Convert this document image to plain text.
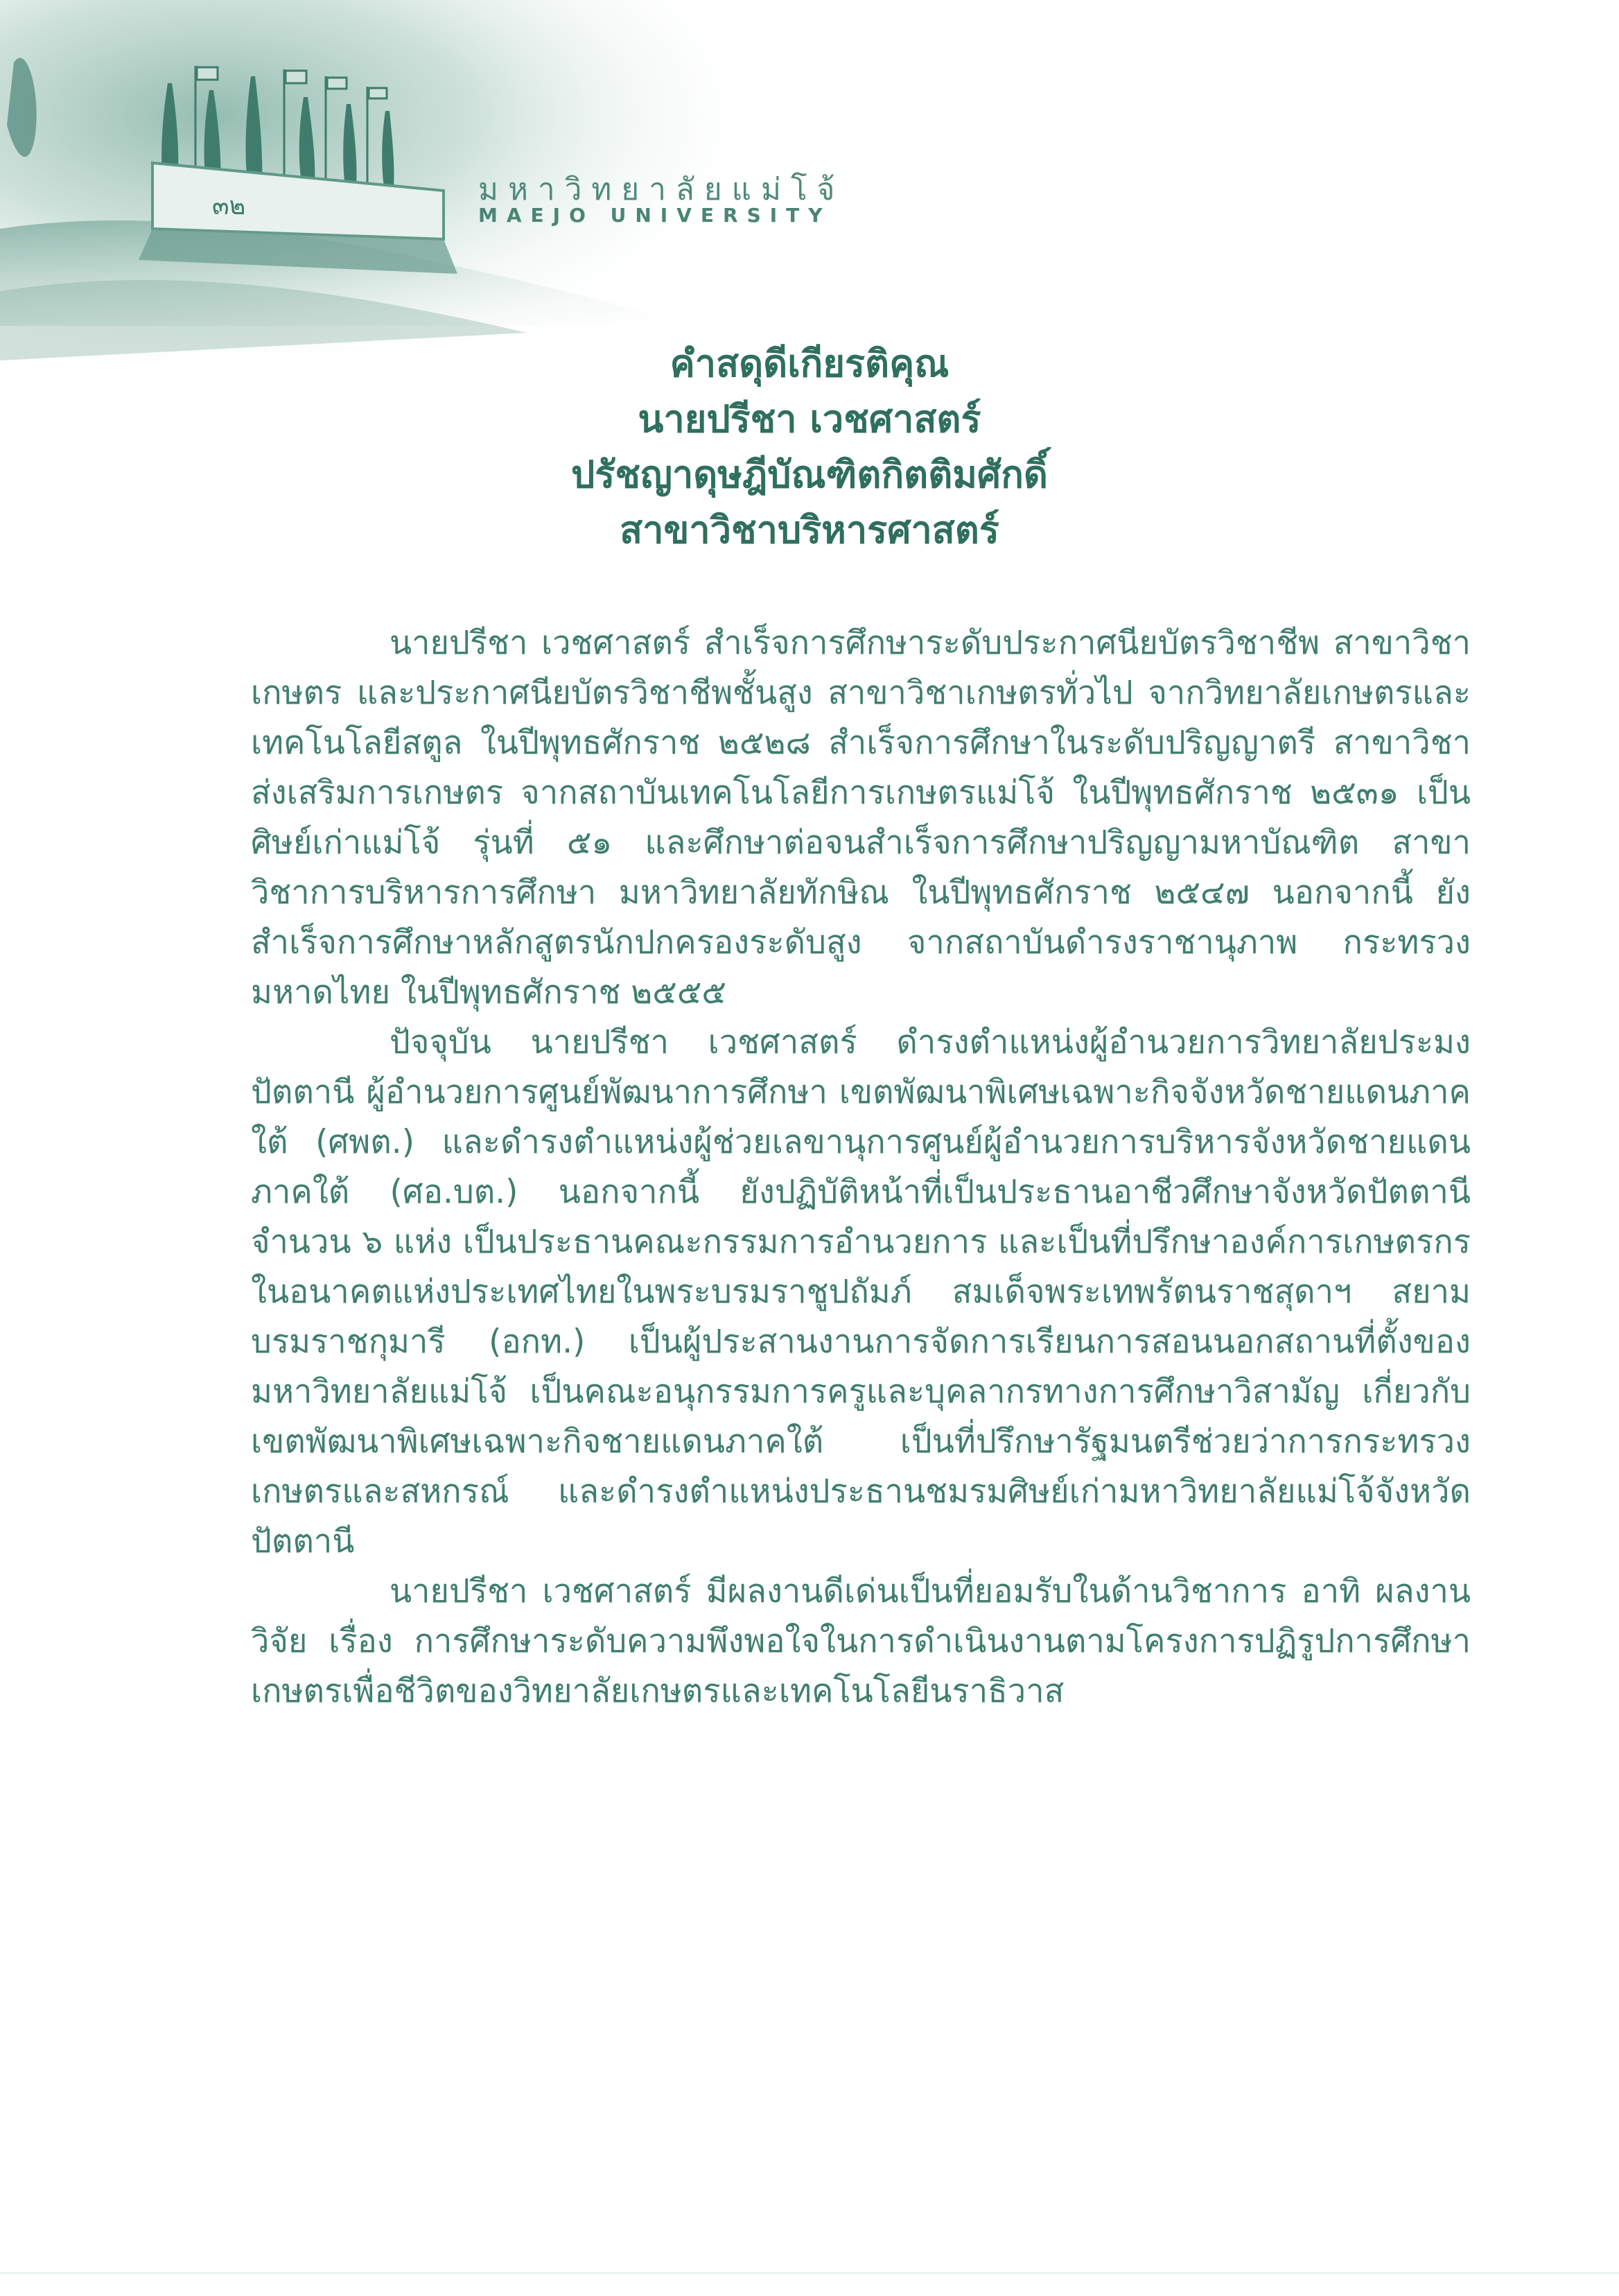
๓๒	มหาวิทยาลัยแม่โจ้
MAEJO UNIVERSITY
คำสดุดีเกียรติคุณ
นายปรีชา เวชศาสตร์
ปรัชญาดุษฎีบัณฑิตกิตติมศักดิ์
สาขาวิชาบริหารศาสตร์

นายปรีชา เวชศาสตร์ สำเร็จการศึกษาระดับประกาศนียบัตรวิชาชีพ สาขาวิชาเกษตร และประกาศนียบัตรวิชาชีพชั้นสูง สาขาวิชาเกษตรทั่วไป จากวิทยาลัยเกษตรและเทคโนโลยีสตูล ในปีพุทธศักราช ๒๕๒๘ สำเร็จการศึกษาในระดับปริญญาตรี สาขาวิชาส่งเสริมการเกษตร จากสถาบันเทคโนโลยีการเกษตรแม่โจ้ ในปีพุทธศักราช ๒๕๓๑ เป็นศิษย์เก่าแม่โจ้ รุ่นที่ ๕๑ และศึกษาต่อจนสำเร็จการศึกษาปริญญามหาบัณฑิต สาขาวิชาการบริหารการศึกษา มหาวิทยาลัยทักษิณ ในปีพุทธศักราช ๒๕๔๗ นอกจากนี้ ยังสำเร็จการศึกษาหลักสูตรนักปกครองระดับสูง จากสถาบันดำรงราชานุภาพ กระทรวงมหาดไทย ในปีพุทธศักราช ๒๕๕๕

ปัจจุบัน นายปรีชา เวชศาสตร์ ดำรงตำแหน่งผู้อำนวยการวิทยาลัยประมงปัตตานี ผู้อำนวยการศูนย์พัฒนาการศึกษา เขตพัฒนาพิเศษเฉพาะกิจจังหวัดชายแดนภาคใต้ (ศพต.) และดำรงตำแหน่งผู้ช่วยเลขานุการศูนย์ผู้อำนวยการบริหารจังหวัดชายแดนภาคใต้ (ศอ.บต.) นอกจากนี้ ยังปฏิบัติหน้าที่เป็นประธานอาชีวศึกษาจังหวัดปัตตานี จำนวน ๖ แห่ง เป็นประธานคณะกรรมการอำนวยการ และเป็นที่ปรึกษาองค์การเกษตรกรในอนาคตแห่งประเทศไทยในพระบรมราชูปถัมภ์ สมเด็จพระเทพรัตนราชสุดาฯ สยามบรมราชกุมารี (อกท.) เป็นผู้ประสานงานการจัดการเรียนการสอนนอกสถานที่ตั้งของมหาวิทยาลัยแม่โจ้ เป็นคณะอนุกรรมการครูและบุคลากรทางการศึกษาวิสามัญ เกี่ยวกับเขตพัฒนาพิเศษเฉพาะกิจชายแดนภาคใต้ เป็นที่ปรึกษารัฐมนตรีช่วยว่าการกระทรวงเกษตรและสหกรณ์ และดำรงตำแหน่งประธานชมรมศิษย์เก่ามหาวิทยาลัยแม่โจ้จังหวัดปัตตานี

นายปรีชา เวชศาสตร์ มีผลงานดีเด่นเป็นที่ยอมรับในด้านวิชาการ อาทิ ผลงานวิจัย เรื่อง การศึกษาระดับความพึงพอใจในการดำเนินงานตามโครงการปฏิรูปการศึกษาเกษตรเพื่อชีวิตของวิทยาลัยเกษตรและเทคโนโลยีนราธิวาส
